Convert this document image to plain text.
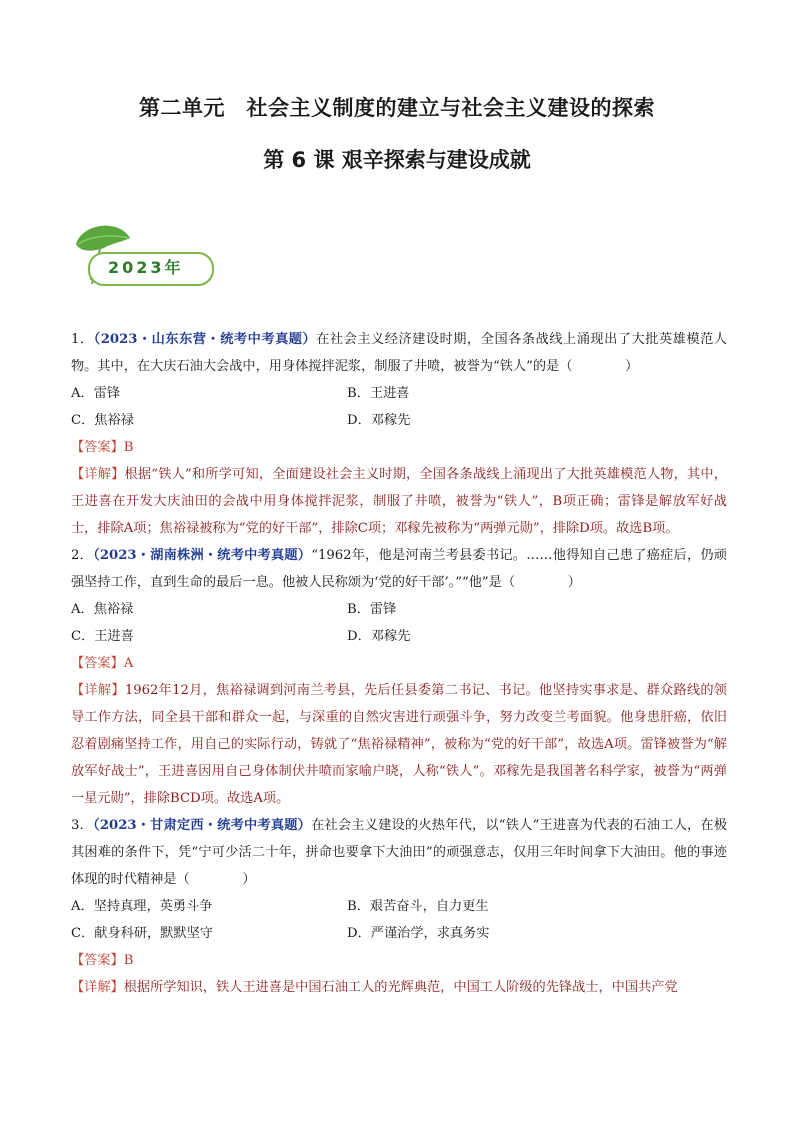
第二单元　社会主义制度的建立与社会主义建设的探索
第 6 课 艰辛探索与建设成就
2023年

1．（2023・山东东营・统考中考真题）在社会主义经济建设时期，全国各条战线上涌现出了大批英雄模范人物。其中，在大庆石油大会战中，用身体搅拌泥浆，制服了井喷，被誉为“铁人”的是（　　　　）

A．雷锋	B．王进喜
C．焦裕禄	D．邓稼先
【答案】B

【详解】根据“铁人”和所学可知，全面建设社会主义时期，全国各条战线上涌现出了大批英雄模范人物，其中，王进喜在开发大庆油田的会战中用身体搅拌泥浆，制服了井喷，被誉为“铁人”，B项正确；雷锋是解放军好战士，排除A项；焦裕禄被称为“党的好干部”，排除C项；邓稼先被称为“两弹元勋”，排除D项。故选B项。

2．（2023・湖南株洲・统考中考真题）“1962年，他是河南兰考县委书记。……他得知自己患了癌症后，仍顽强坚持工作，直到生命的最后一息。他被人民称颂为‘党的好干部’。”“他”是（　　　　）

A．焦裕禄	B．雷锋
C．王进喜	D．邓稼先
【答案】A

【详解】1962年12月，焦裕禄调到河南兰考县，先后任县委第二书记、书记。他坚持实事求是、群众路线的领导工作方法，同全县干部和群众一起，与深重的自然灾害进行顽强斗争，努力改变兰考面貌。他身患肝癌，依旧忍着剧痛坚持工作，用自己的实际行动，铸就了“焦裕禄精神”，被称为“党的好干部”，故选A项。雷锋被誉为“解放军好战士”，王进喜因用自己身体制伏井喷而家喻户晓，人称“铁人”。邓稼先是我国著名科学家，被誉为“两弹一星元勋”，排除BCD项。故选A项。

3．（2023・甘肃定西・统考中考真题）在社会主义建设的火热年代，以“铁人”王进喜为代表的石油工人，在极其困难的条件下，凭“宁可少活二十年，拼命也要拿下大油田”的顽强意志，仅用三年时间拿下大油田。他的事迹体现的时代精神是（　　　　）

A．坚持真理，英勇斗争	B．艰苦奋斗，自力更生
C．献身科研，默默坚守	D．严谨治学，求真务实
【答案】B

【详解】根据所学知识，铁人王进喜是中国石油工人的光辉典范，中国工人阶级的先锋战士，中国共产党
